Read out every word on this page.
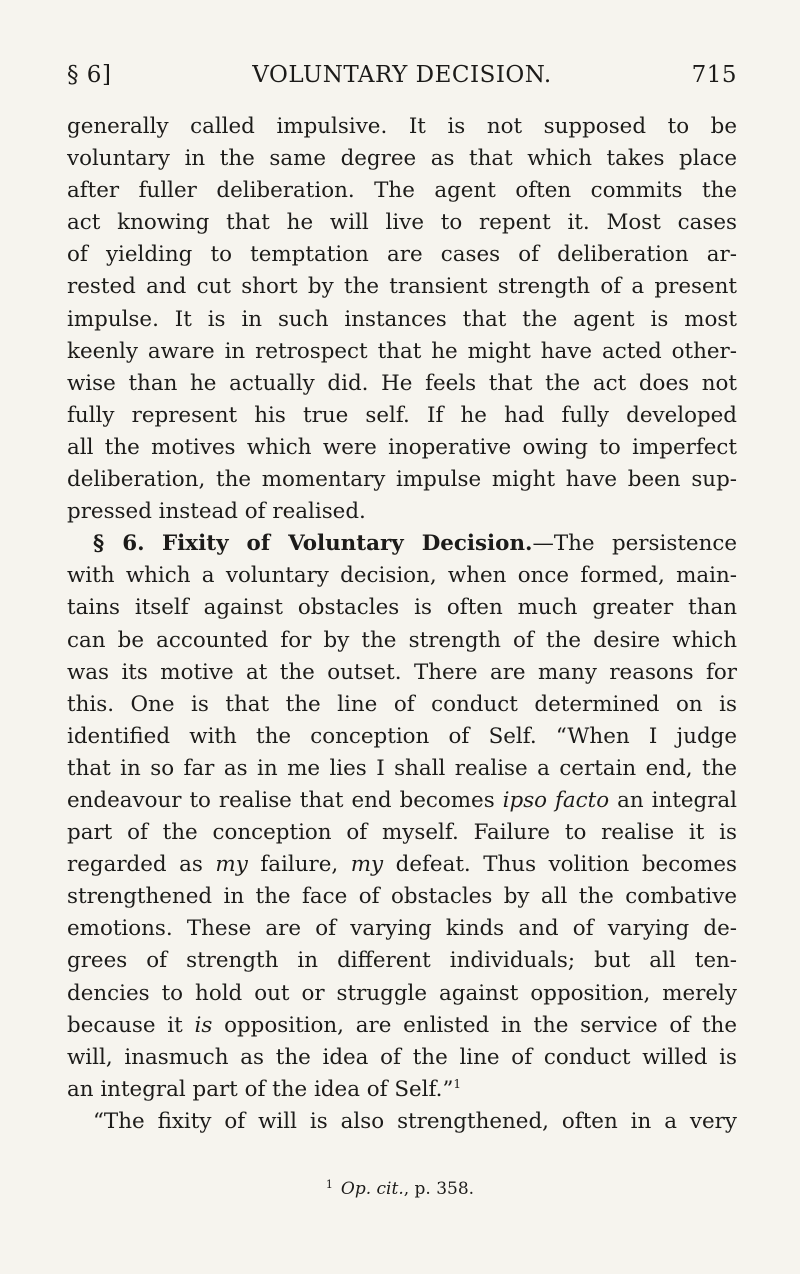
§ 6]	VOLUNTARY DECISION.	715
generally called impulsive. It is not supposed to be
voluntary in the same degree as that which takes place
after fuller deliberation. The agent often commits the
act knowing that he will live to repent it. Most cases
of yielding to temptation are cases of deliberation ar-
rested and cut short by the transient strength of a present
impulse. It is in such instances that the agent is most
keenly aware in retrospect that he might have acted other-
wise than he actually did. He feels that the act does not
fully represent his true self. If he had fully developed
all the motives which were inoperative owing to imperfect
deliberation, the momentary impulse might have been sup-
pressed instead of realised.
§ 6. Fixity of Voluntary Decision.—The persistence
with which a voluntary decision, when once formed, main-
tains itself against obstacles is often much greater than
can be accounted for by the strength of the desire which
was its motive at the outset. There are many reasons for
this. One is that the line of conduct determined on is
identified with the conception of Self. “When I judge
that in so far as in me lies I shall realise a certain end, the
endeavour to realise that end becomes ipso facto an integral
part of the conception of myself. Failure to realise it is
regarded as my failure, my defeat. Thus volition becomes
strengthened in the face of obstacles by all the combative
emotions. These are of varying kinds and of varying de-
grees of strength in different individuals; but all ten-
dencies to hold out or struggle against opposition, merely
because it is opposition, are enlisted in the service of the
will, inasmuch as the idea of the line of conduct willed is
an integral part of the idea of Self.”$^1$
“The fixity of will is also strengthened, often in a very
$^1$ Op. cit., p. 358.
